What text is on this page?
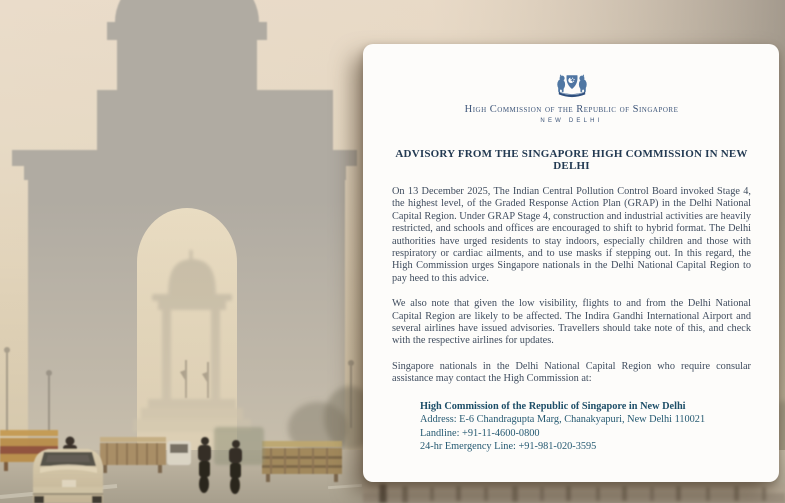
High Commission of the Republic of Singapore
NEW DELHI
ADVISORY FROM THE SINGAPORE HIGH COMMISSION IN NEW DELHI

On 13 December 2025, The Indian Central Pollution Control Board invoked Stage 4, the highest level, of the Graded Response Action Plan (GRAP) in the Delhi National Capital Region. Under GRAP Stage 4, construction and industrial activities are heavily restricted, and schools and offices are encouraged to shift to hybrid format. The Delhi authorities have urged residents to stay indoors, especially children and those with respiratory or cardiac ailments, and to use masks if stepping out. In this regard, the High Commission urges Singapore nationals in the Delhi National Capital Region to pay heed to this advice.

We also note that given the low visibility, flights to and from the Delhi National Capital Region are likely to be affected. The Indira Gandhi International Airport and several airlines have issued advisories. Travellers should take note of this, and check with the respective airlines for updates.

Singapore nationals in the Delhi National Capital Region who require consular assistance may contact the High Commission at:

High Commission of the Republic of Singapore in New Delhi
Address: E-6 Chandragupta Marg, Chanakyapuri, New Delhi 110021
Landline: +91-11-4600-0800
24-hr Emergency Line: +91-981-020-3595
